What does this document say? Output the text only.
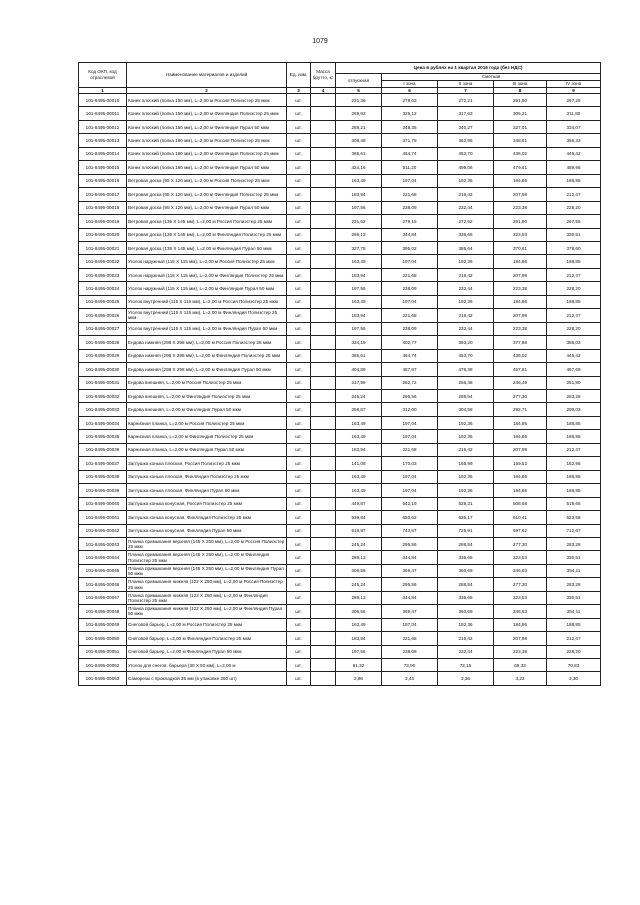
1079
Код ОКП, код отраслевой	Наименование материалов и изделий	Ед. изм.	Масса брутто, кг	Цена в рублях на 1 квартал 2016 года (без НДС)				
				отпускная	Сметная			
					I зона	II зона	III зона	IV зона
1	2	3	4	5	6	7	8	9
101-8495-00010	Конек плоский (полка 150 мм), L=2,00 м Россия Полиэстер 25 мкм	шт.		231,36	278,63	272,21	261,50	267,25
101-8495-00011	Конек плоский (полка 150 мм), L=2,00 м Финляндия Полиэстер 25 мкм	шт.		269,93	325,12	317,63	305,21	311,80
101-8495-00012	Конек плоский (полка 150 мм), L=2,00 м Финляндия Пурал 50 мкм	шт.		289,21	348,35	340,27	327,01	334,07
101-8495-00013	Конек плоский (полка 190 мм), L=2,00 м Россия Полиэстер 25 мкм	шт.		308,48	371,79	362,95	348,61	356,33
101-8495-00014	Конек плоский (полка 190 мм), L=2,00 м Финляндия Полиэстер 25 мкм	шт.		385,61	464,74	453,70	436,02	445,42
101-8495-00015	Конек плоский (полка 190 мм), L=2,00 м Финляндия Пурал 50 мкм	шт.		424,16	511,20	499,06	479,61	489,96
101-8495-00016	Ветровая доска (95 Х 120 мм), L=2,00 м Россия Полиэстер 25 мкм	шт.		163,49	197,04	192,36	184,86	188,85
101-8495-00017	Ветровая доска (95 Х 120 мм), L=2,00 м Финляндия Полиэстер 25 мкм	шт.		183,94	221,68	216,42	207,98	212,47
101-8495-00018	Ветровая доска (95 Х 120 мм), L=2,00 м Финляндия Пурал 50 мкм	шт.		197,56	238,09	232,44	223,38	228,20
101-8495-00019	Ветровая доска (135 Х 145 мм), L=2,00 м Россия Полиэстер 25 мкм	шт.		231,62	279,15	272,52	261,90	267,55
101-8495-00020	Ветровая доска (135 Х 145 мм), L=2,00 м Финляндия Полиэстер 25 мкм	шт.		286,13	344,84	336,65	323,53	330,51
101-8495-00021	Ветровая доска (135 Х 145 мм), L=2,00 м Финляндия Пурал 50 мкм	шт.		327,78	395,02	385,64	370,61	378,60
101-8495-00022	Уголок наружный (115 Х 115 мм), L=2,00 м Россия Полиэстер 25 мкм	шт.		163,49	197,04	192,36	184,86	188,85
101-8495-00023	Уголок наружный (115 Х 115 мм), L=2,00 м Финляндия Полиэстер 25 мкм	шт.		183,94	221,68	216,42	207,98	212,47
101-8495-00024	Уголок наружный (115 Х 115 мм), L=2,00 м Финляндия Пурал 50 мкм	шт.		197,56	238,09	232,44	223,38	228,20
101-8495-00025	Уголок внутренний (115 Х 115 мм), L=2,00 м Россия Полиэстер 25 мкм	шт.		163,49	197,04	192,36	184,86	188,85
101-8495-00026	Уголок внутренний (115 Х 115 мм), L=2,00 м Финляндия Полиэстер 25 мкм	шт.		183,94	221,68	216,42	207,98	212,47
101-8495-00027	Уголок внутренний (115 Х 115 мм), L=2,00 м Финляндия Пурал 50 мкм	шт.		197,56	238,09	232,44	223,38	228,20
101-8495-00028	Ендова нижняя (298 Х 298 мм), L=2,00 м Россия Полиэстер 25 мкм	шт.		334,19	402,77	393,20	377,88	386,03
101-8495-00029	Ендова нижняя (298 Х 298 мм), L=2,00 м Финляндия Полиэстер 25 мкм	шт.		385,61	464,74	453,70	436,02	445,42
101-8495-00030	Ендова нижняя (298 Х 298 мм), L=2,00 м Финляндия Пурал 50 мкм	шт.		404,89	487,97	476,38	457,81	467,69
101-8495-00031	Ендова внешняя, L=2,00 м Россия Полиэстер 25 мкм	шт.		217,99	262,72	256,48	246,49	251,80
101-8495-00032	Ендова внешняя, L=2,00 м Финляндия Полиэстер 25 мкм	шт.		245,24	295,56	288,54	277,30	283,28
101-8495-00033	Ендова внешняя, L=2,00 м Финляндия Пурал 50 мкм	шт.		258,87	312,00	304,58	292,71	299,03
101-8495-00034	Карнизная планка, L=2,00 м Россия Полиэстер 25 мкм	шт.		163,49	197,04	192,36	184,86	188,85
101-8495-00035	Карнизная планка, L=2,00 м Финляндия Полиэстер 25 мкм	шт.		163,49	197,04	192,36	184,86	188,85
101-8495-00036	Карнизная планка, L=2,00 м Финляндия Пурал 50 мкм	шт.		183,94	221,68	216,42	207,98	212,47
101-8495-00037	Заглушка конька плоская, Россия Полиэстер 25 мкм	шт.		141,08	170,03	165,99	159,52	162,96
101-8495-00038	Заглушка конька плоская, Финляндия Полиэстер 25 мкм	шт.		163,49	197,04	192,36	184,86	188,85
101-8495-00039	Заглушка конька плоская, Финляндия Пурал 50 мкм	шт.		163,49	197,04	192,36	184,86	188,85
101-8495-00040	Заглушка конька конусная, Россия Полиэстер 25 мкм	шт.		449,87	542,19	529,31	508,68	519,65
101-8495-00041	Заглушка конька конусная, Финляндия Полиэстер 25 мкм	шт.		539,84	650,62	635,17	610,41	623,58
101-8495-00042	Заглушка конька конусная, Финляндия Пурал 50 мкм	шт.		616,97	743,57	725,91	697,62	712,67
101-8495-00043	Планка примыкания верхняя (145 Х 250 мм), L=2,00 м Россия Полиэстер 25 мкм	шт.		245,24	295,56	288,54	277,30	283,28
101-8495-00044	Планка примыкания верхняя (145 Х 250 мм), L=2,00 м Финляндия Полиэстер 25 мкм	шт.		286,13	344,84	336,65	323,53	330,51
101-8495-00045	Планка примыкания верхняя (145 Х 250 мм), L=2,00 м Финляндия Пурал 50 мкм	шт.		306,56	369,47	360,69	346,63	354,11
101-8495-00046	Планка примыкания нижняя (122 Х 250 мм), L=2,00 м Россия Полиэстер 25 мкм	шт.		245,24	295,56	288,54	277,30	283,28
101-8495-00047	Планка примыкания нижняя (122 Х 250 мм), L=2,00 м Финляндия Полиэстер 25 мкм	шт.		286,13	344,84	336,65	323,53	330,51
101-8495-00048	Планка примыкания нижняя (122 Х 250 мм), L=2,00 м Финляндия Пурал 50 мкм	шт.		306,56	369,47	360,69	346,63	354,11
101-8495-00049	Снеговой барьер, L=2,00 м Россия Полиэстер 25 мкм	шт.		163,49	197,04	192,36	184,86	188,85
101-8495-00050	Снеговой барьер, L=2,00 м Финляндия Полиэстер 25 мкм	шт.		183,94	221,68	216,42	207,98	212,47
101-8495-00051	Снеговой барьер, L=2,00 м Финляндия Пурал 50 мкм	шт.		197,56	238,09	232,44	223,38	228,20
101-8495-00052	Уголок для снегов. барьера (30 Х 50 мм), L=2,00 м	шт.		61,32	73,90	72,15	69,33	70,83
101-8495-00053	Саморезы с прокладкой 35 мм (в упаковке 250 шт)	шт.		2,86	3,44	3,36	3,23	3,30
